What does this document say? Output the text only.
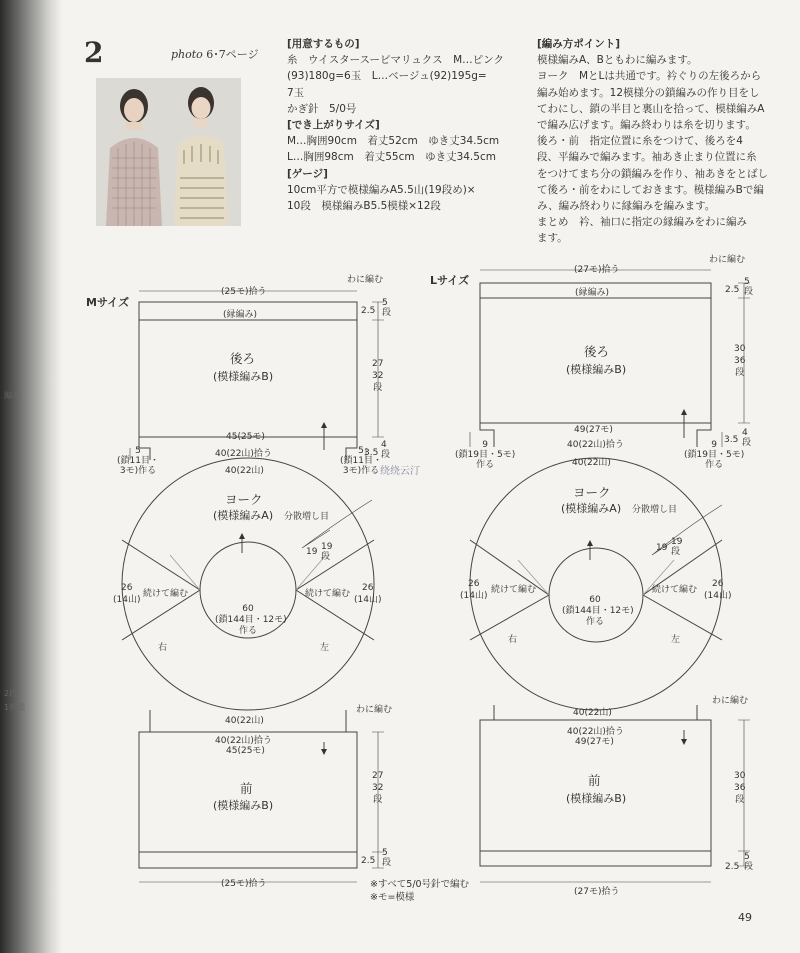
編み
2段
1模様
2	photo 6･7ページ
[用意するもの]
糸　ウイスタースービマリュクス　M…ピンク
(93)180g=6玉　L…ベージュ(92)195g=
7玉
かぎ針　5/0号
[でき上がりサイズ]
M…胸囲90cm　着丈52cm　ゆき丈34.5cm
L…胸囲98cm　着丈55cm　ゆき丈34.5cm
[ゲージ]
10cm平方で模様編みA5.5山(19段め)×
10段　模様編みB5.5模様×12段
[編み方ポイント]
模様編みA、Bともわに編みます。
ヨーク　MとLは共通です。衿ぐりの左後ろから
編み始めます。12模様分の鎖編みの作り目をし
てわにし、鎖の半目と裏山を拾って、模様編みA
で編み広げます。編み終わりは糸を切ります。
後ろ・前　指定位置に糸をつけて、後ろを4
段、平編みで編みます。袖あき止まり位置に糸
をつけてまち分の鎖編みを作り、袖あきをとばし
て後ろ・前をわにしておきます。模様編みBで編
み、編み終わりに縁編みを編みます。
まとめ　衿、袖口に指定の縁編みをわに編み
ます。
Mサイズ
(25モ)拾う
わに編む
(縁編み)	2.5
5
段
後ろ
(模様編みB)
27
32
段
45(25モ)
40(22山)拾う
5
(鎖11目・
3モ)作る
5
(鎖11目・
3モ)作る
3.5
4
段
40(22山)
ヨーク
(模様編みA) 分散増し目
19 19
段
26
(14山)
26
(14山)
続けて編む	続けて編む
60
(鎖144目・12モ)
作る
右	左
40(22山)
わに編む
40(22山)拾う
45(25モ)
前
(模様編みB)
27
32
段
2.5
5
段
(25モ)拾う
Lサイズ
(27モ)拾う
わに編む
(縁編み)	2.5
5
段
後ろ
(模様編みB)
30
36
段
49(27モ)
40(22山)拾う
9
(鎖19目・5モ)
作る
9
(鎖19目・5モ)
作る
3.5
4
段
40(22山)
ヨーク
(模様編みA) 分散増し目
19
19
段
26
(14山)
26
(14山)
続けて編む	続けて編む
60
(鎖144目・12モ)
作る
右	左
40(22山)
わに編む
40(22山)拾う
49(27モ)
前
(模様編みB)
30
36
段
2.5
5
段
(27モ)拾う
※すべて5/0号針で編む
※モ=模様
绕绕云汀
49
